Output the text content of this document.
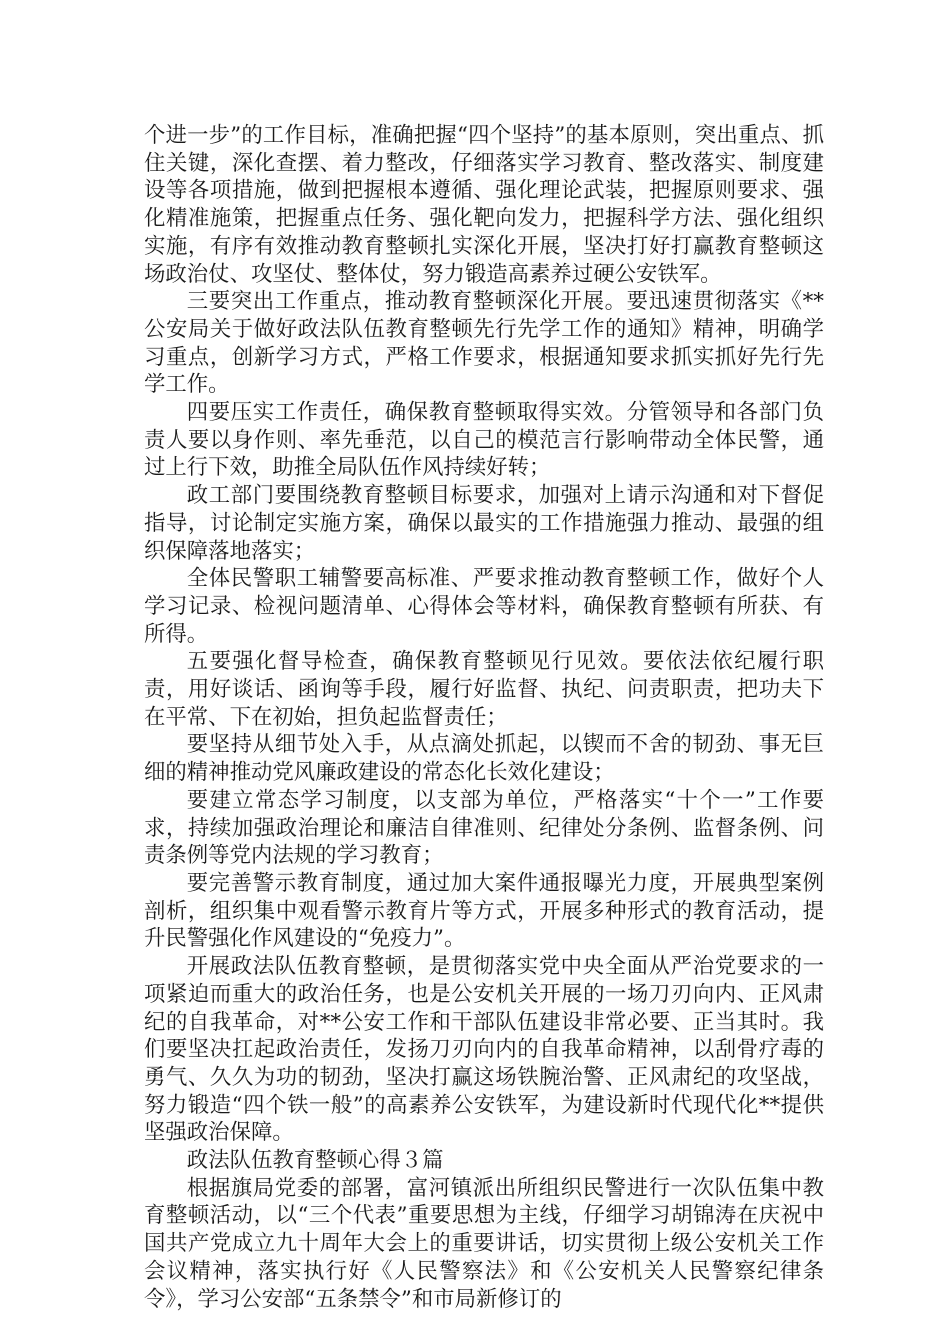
个进一步”的工作目标，准确把握“四个坚持”的基本原则，突出重点、抓住关键，深化查摆、着力整改，仔细落实学习教育、整改落实、制度建设等各项措施，做到把握根本遵循、强化理论武装，把握原则要求、强化精准施策，把握重点任务、强化靶向发力，把握科学方法、强化组织实施，有序有效推动教育整顿扎实深化开展，坚决打好打赢教育整顿这场政治仗、攻坚仗、整体仗，努力锻造高素养过硬公安铁军。

三要突出工作重点，推动教育整顿深化开展。要迅速贯彻落实《**公安局关于做好政法队伍教育整顿先行先学工作的通知》精神，明确学习重点，创新学习方式，严格工作要求，根据通知要求抓实抓好先行先学工作。

四要压实工作责任，确保教育整顿取得实效。分管领导和各部门负责人要以身作则、率先垂范，以自己的模范言行影响带动全体民警，通过上行下效，助推全局队伍作风持续好转；

政工部门要围绕教育整顿目标要求，加强对上请示沟通和对下督促指导，讨论制定实施方案，确保以最实的工作措施强力推动、最强的组织保障落地落实；

全体民警职工辅警要高标准、严要求推动教育整顿工作，做好个人学习记录、检视问题清单、心得体会等材料，确保教育整顿有所获、有所得。

五要强化督导检查，确保教育整顿见行见效。要依法依纪履行职责，用好谈话、函询等手段，履行好监督、执纪、问责职责，把功夫下在平常、下在初始，担负起监督责任；

要坚持从细节处入手，从点滴处抓起，以锲而不舍的韧劲、事无巨细的精神推动党风廉政建设的常态化长效化建设；

要建立常态学习制度，以支部为单位，严格落实“十个一”工作要求，持续加强政治理论和廉洁自律准则、纪律处分条例、监督条例、问责条例等党内法规的学习教育；

要完善警示教育制度，通过加大案件通报曝光力度，开展典型案例剖析，组织集中观看警示教育片等方式，开展多种形式的教育活动，提升民警强化作风建设的“免疫力”。

开展政法队伍教育整顿，是贯彻落实党中央全面从严治党要求的一项紧迫而重大的政治任务，也是公安机关开展的一场刀刃向内、正风肃纪的自我革命，对**公安工作和干部队伍建设非常必要、正当其时。我们要坚决扛起政治责任，发扬刀刃向内的自我革命精神，以刮骨疗毒的勇气、久久为功的韧劲，坚决打赢这场铁腕治警、正风肃纪的攻坚战，努力锻造“四个铁一般”的高素养公安铁军，为建设新时代现代化**提供坚强政治保障。

政法队伍教育整顿心得３篇

根据旗局党委的部署，富河镇派出所组织民警进行一次队伍集中教育整顿活动，以“三个代表”重要思想为主线，仔细学习胡锦涛在庆祝中国共产党成立九十周年大会上的重要讲话，切实贯彻上级公安机关工作会议精神，落实执行好《人民警察法》和《公安机关人民警察纪律条令》，学习公安部“五条禁令”和市局新修订的
